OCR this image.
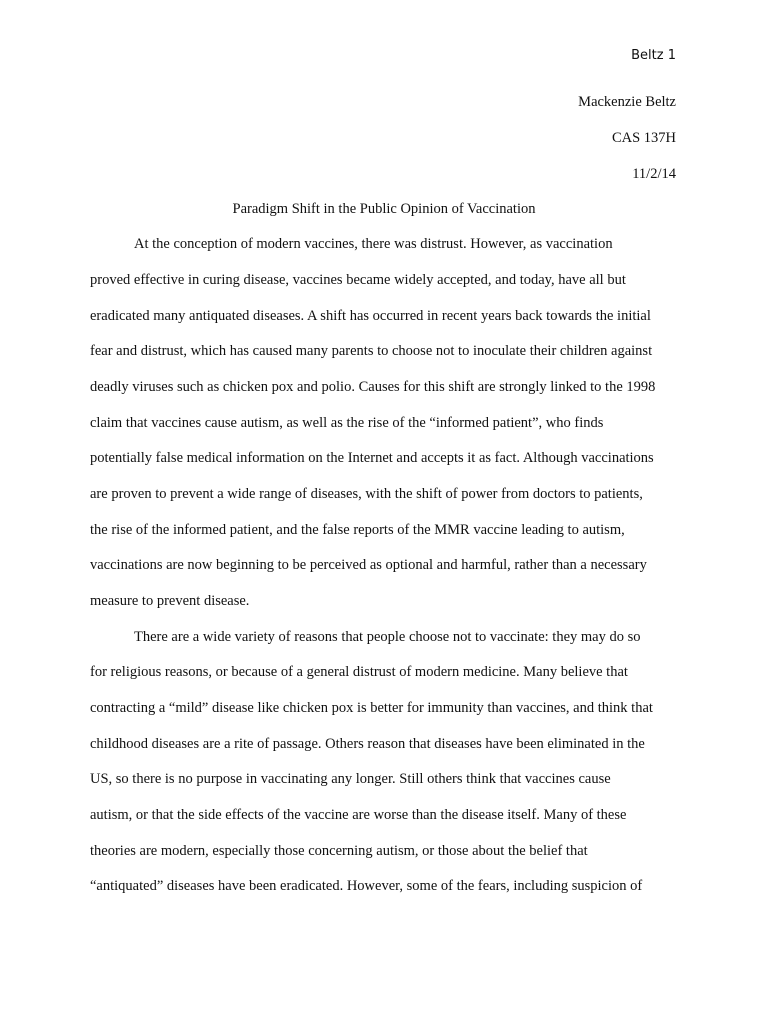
Beltz 1
Mackenzie Beltz
CAS 137H
11/2/14
Paradigm Shift in the Public Opinion of Vaccination
At the conception of modern vaccines, there was distrust. However, as vaccination
proved effective in curing disease, vaccines became widely accepted, and today, have all but
eradicated many antiquated diseases. A shift has occurred in recent years back towards the initial
fear and distrust, which has caused many parents to choose not to inoculate their children against
deadly viruses such as chicken pox and polio. Causes for this shift are strongly linked to the 1998
claim that vaccines cause autism, as well as the rise of the “informed patient”, who finds
potentially false medical information on the Internet and accepts it as fact. Although vaccinations
are proven to prevent a wide range of diseases, with the shift of power from doctors to patients,
the rise of the informed patient, and the false reports of the MMR vaccine leading to autism,
vaccinations are now beginning to be perceived as optional and harmful, rather than a necessary
measure to prevent disease.
There are a wide variety of reasons that people choose not to vaccinate: they may do so
for religious reasons, or because of a general distrust of modern medicine. Many believe that
contracting a “mild” disease like chicken pox is better for immunity than vaccines, and think that
childhood diseases are a rite of passage. Others reason that diseases have been eliminated in the
US, so there is no purpose in vaccinating any longer. Still others think that vaccines cause
autism, or that the side effects of the vaccine are worse than the disease itself. Many of these
theories are modern, especially those concerning autism, or those about the belief that
“antiquated” diseases have been eradicated. However, some of the fears, including suspicion of
